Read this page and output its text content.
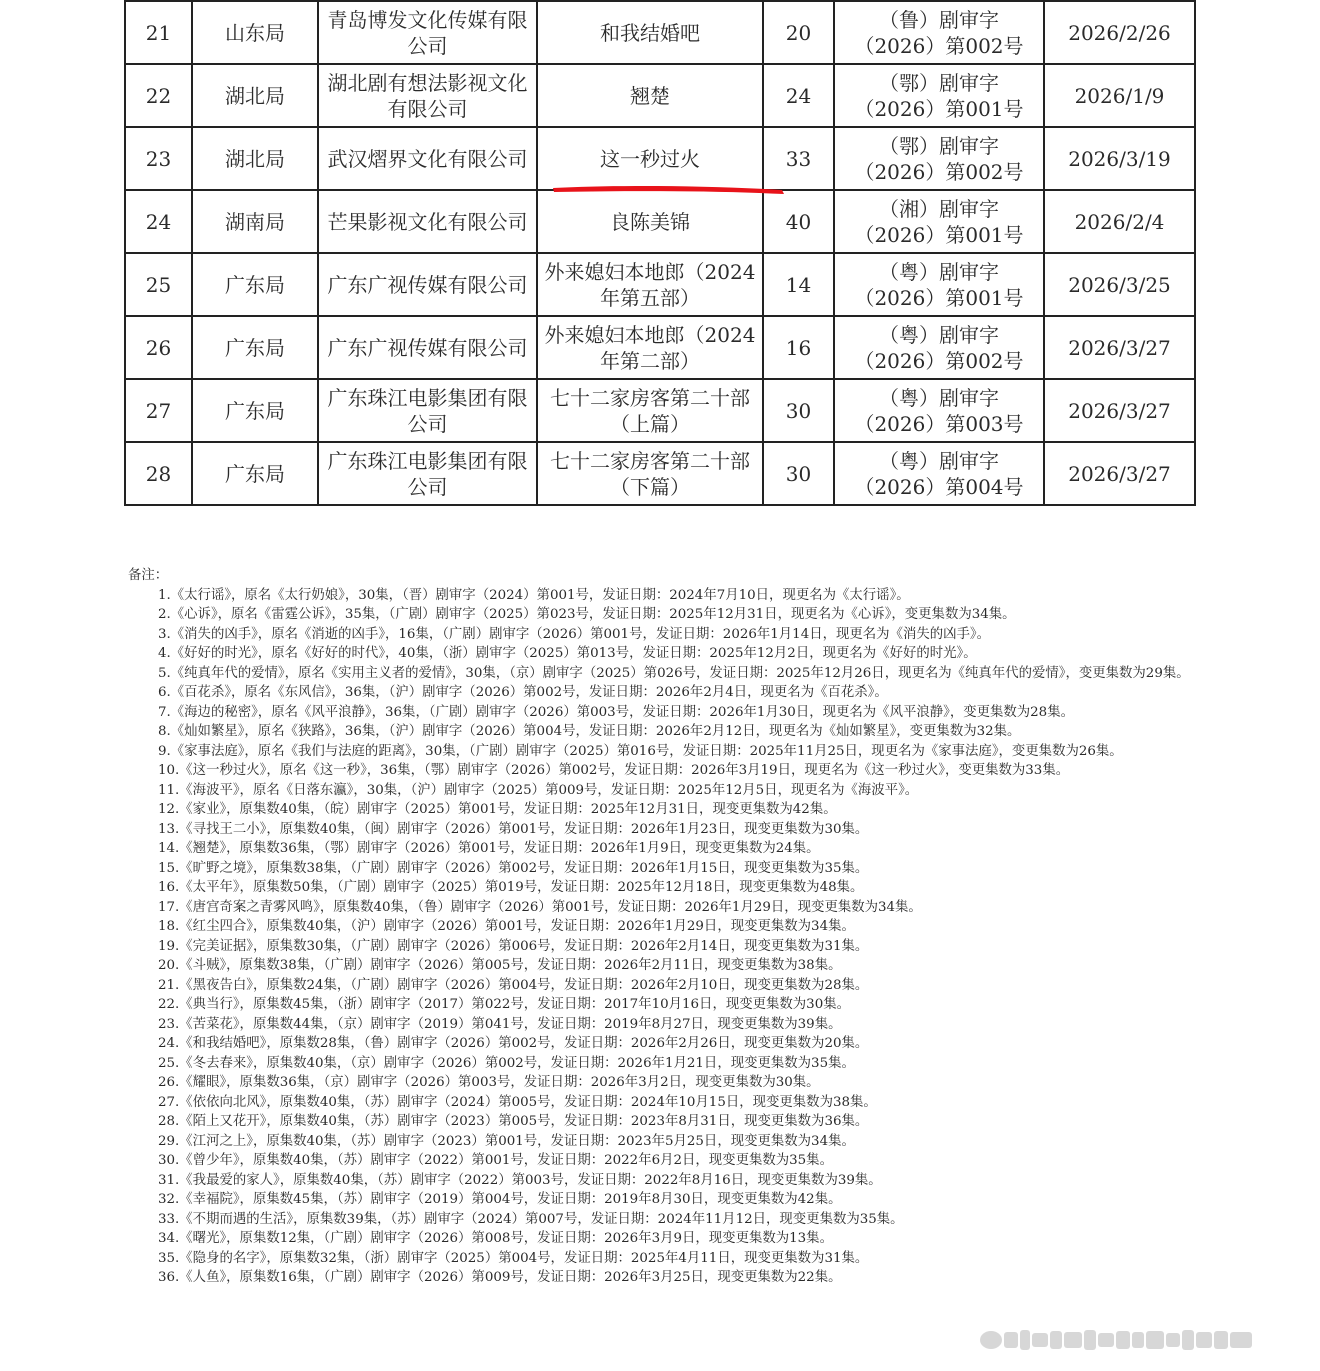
21	山东局	青岛博发文化传媒有限公司	和我结婚吧	20	（鲁）剧审字（2026）第002号	2026/2/26
22	湖北局	湖北剧有想法影视文化有限公司	翘楚	24	（鄂）剧审字（2026）第001号	2026/1/9
23	湖北局	武汉熠界文化有限公司	这一秒过火	33	（鄂）剧审字（2026）第002号	2026/3/19
24	湖南局	芒果影视文化有限公司	良陈美锦	40	（湘）剧审字（2026）第001号	2026/2/4
25	广东局	广东广视传媒有限公司	外来媳妇本地郎（2024年第五部）	14	（粤）剧审字（2026）第001号	2026/3/25
26	广东局	广东广视传媒有限公司	外来媳妇本地郎（2024年第二部）	16	（粤）剧审字（2026）第002号	2026/3/27
27	广东局	广东珠江电影集团有限公司	七十二家房客第二十部（上篇）	30	（粤）剧审字（2026）第003号	2026/3/27
28	广东局	广东珠江电影集团有限公司	七十二家房客第二十部（下篇）	30	（粤）剧审字（2026）第004号	2026/3/27
备注：
1.《太行谣》，原名《太行奶娘》，30集，（晋）剧审字（2024）第001号，发证日期：2024年7月10日，现更名为《太行谣》。
2.《心诉》，原名《雷霆公诉》，35集，（广剧）剧审字（2025）第023号，发证日期：2025年12月31日，现更名为《心诉》，变更集数为34集。
3.《消失的凶手》，原名《消逝的凶手》，16集，（广剧）剧审字（2026）第001号，发证日期：2026年1月14日，现更名为《消失的凶手》。
4.《好好的时光》，原名《好好的时代》，40集，（浙）剧审字（2025）第013号，发证日期：2025年12月2日，现更名为《好好的时光》。
5.《纯真年代的爱情》，原名《实用主义者的爱情》，30集，（京）剧审字（2025）第026号，发证日期：2025年12月26日，现更名为《纯真年代的爱情》，变更集数为29集。
6.《百花杀》，原名《东风信》，36集，（沪）剧审字（2026）第002号，发证日期：2026年2月4日，现更名为《百花杀》。
7.《海边的秘密》，原名《风平浪静》，36集，（广剧）剧审字（2026）第003号，发证日期：2026年1月30日，现更名为《风平浪静》，变更集数为28集。
8.《灿如繁星》，原名《狭路》，36集，（沪）剧审字（2026）第004号，发证日期：2026年2月12日，现更名为《灿如繁星》，变更集数为32集。
9.《家事法庭》，原名《我们与法庭的距离》，30集，（广剧）剧审字（2025）第016号，发证日期：2025年11月25日，现更名为《家事法庭》，变更集数为26集。
10.《这一秒过火》，原名《这一秒》，36集，（鄂）剧审字（2026）第002号，发证日期：2026年3月19日，现更名为《这一秒过火》，变更集数为33集。
11.《海波平》，原名《日落东瀛》，30集，（沪）剧审字（2025）第009号，发证日期：2025年12月5日，现更名为《海波平》。
12.《家业》，原集数40集，（皖）剧审字（2025）第001号，发证日期：2025年12月31日，现变更集数为42集。
13.《寻找王二小》，原集数40集，（闽）剧审字（2026）第001号，发证日期：2026年1月23日，现变更集数为30集。
14.《翘楚》，原集数36集，（鄂）剧审字（2026）第001号，发证日期：2026年1月9日，现变更集数为24集。
15.《旷野之境》，原集数38集，（广剧）剧审字（2026）第002号，发证日期：2026年1月15日，现变更集数为35集。
16.《太平年》，原集数50集，（广剧）剧审字（2025）第019号，发证日期：2025年12月18日，现变更集数为48集。
17.《唐宫奇案之青雾风鸣》，原集数40集，（鲁）剧审字（2026）第001号，发证日期：2026年1月29日，现变更集数为34集。
18.《红尘四合》，原集数40集，（沪）剧审字（2026）第001号，发证日期：2026年1月29日，现变更集数为34集。
19.《完美证据》，原集数30集，（广剧）剧审字（2026）第006号，发证日期：2026年2月14日，现变更集数为31集。
20.《斗贼》，原集数38集，（广剧）剧审字（2026）第005号，发证日期：2026年2月11日，现变更集数为38集。
21.《黑夜告白》，原集数24集，（广剧）剧审字（2026）第004号，发证日期：2026年2月10日，现变更集数为28集。
22.《典当行》，原集数45集，（浙）剧审字（2017）第022号，发证日期：2017年10月16日，现变更集数为30集。
23.《苦菜花》，原集数44集，（京）剧审字（2019）第041号，发证日期：2019年8月27日，现变更集数为39集。
24.《和我结婚吧》，原集数28集，（鲁）剧审字（2026）第002号，发证日期：2026年2月26日，现变更集数为20集。
25.《冬去春来》，原集数40集，（京）剧审字（2026）第002号，发证日期：2026年1月21日，现变更集数为35集。
26.《耀眼》，原集数36集，（京）剧审字（2026）第003号，发证日期：2026年3月2日，现变更集数为30集。
27.《依依向北风》，原集数40集，（苏）剧审字（2024）第005号，发证日期：2024年10月15日，现变更集数为38集。
28.《陌上又花开》，原集数40集，（苏）剧审字（2023）第005号，发证日期：2023年8月31日，现变更集数为36集。
29.《江河之上》，原集数40集，（苏）剧审字（2023）第001号，发证日期：2023年5月25日，现变更集数为34集。
30.《曾少年》，原集数40集，（苏）剧审字（2022）第001号，发证日期：2022年6月2日，现变更集数为35集。
31.《我最爱的家人》，原集数40集，（苏）剧审字（2022）第003号，发证日期：2022年8月16日，现变更集数为39集。
32.《幸福院》，原集数45集，（苏）剧审字（2019）第004号，发证日期：2019年8月30日，现变更集数为42集。
33.《不期而遇的生活》，原集数39集，（苏）剧审字（2024）第007号，发证日期：2024年11月12日，现变更集数为35集。
34.《曙光》，原集数12集，（广剧）剧审字（2026）第008号，发证日期：2026年3月9日，现变更集数为13集。
35.《隐身的名字》，原集数32集，（浙）剧审字（2025）第004号，发证日期：2025年4月11日，现变更集数为31集。
36.《人鱼》，原集数16集，（广剧）剧审字（2026）第009号，发证日期：2026年3月25日，现变更集数为22集。
